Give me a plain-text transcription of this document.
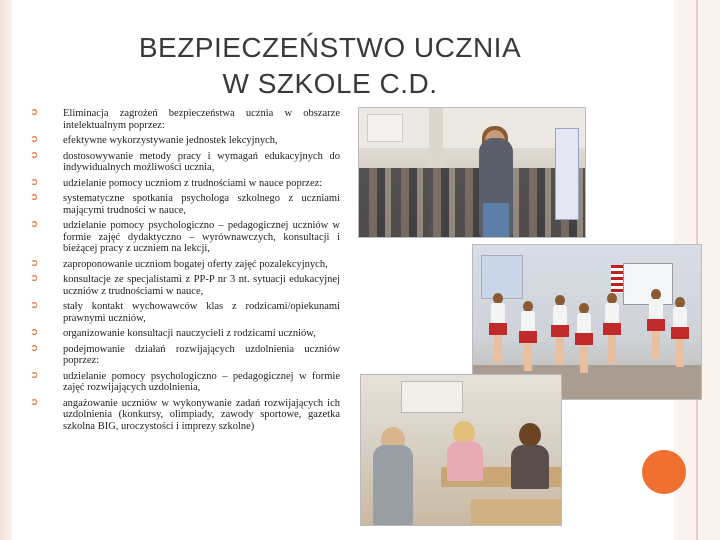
BEZPIECZEŃSTWO UCZNIA
W SZKOLE C.D.
➲ Eliminacja zagrożeń bezpieczeństwa ucznia w obszarze intelektualnym poprzez:
➲ efektywne wykorzystywanie jednostek lekcyjnych,
➲ dostosowywanie metody pracy i wymagań edukacyjnych do indywidualnych możliwości ucznia,
➲ udzielanie pomocy uczniom z trudnościami w nauce poprzez:
➲ systematyczne spotkania psychologa szkolnego z uczniami mającymi trudności w nauce,
➲ udzielanie pomocy psychologiczno – pedagogicznej uczniów w formie zajęć dydaktyczno – wyrównawczych, konsultacji i bieżącej pracy z uczniem na lekcji,
➲ zaproponowanie uczniom bogatej oferty zajęć pozalekcyjnych,
➲ konsultacje ze specjalistami z PP-P nr 3 nt. sytuacji edukacyjnej uczniów z trudnościami w nauce,
➲ stały kontakt wychowawców klas z rodzicami/opiekunami prawnymi uczniów,
➲ organizowanie konsultacji nauczycieli z rodzicami uczniów,
➲ podejmowanie działań rozwijających uzdolnienia uczniów poprzez:
➲ udzielanie pomocy psychologiczno – pedagogicznej w formie zajęć rozwijających uzdolnienia,
➲ angażowanie uczniów w wykonywanie zadań rozwijających ich uzdolnienia (konkursy, olimpiady, zawody sportowe, gazetka szkolna BIG, uroczystości i imprezy szkolne)
